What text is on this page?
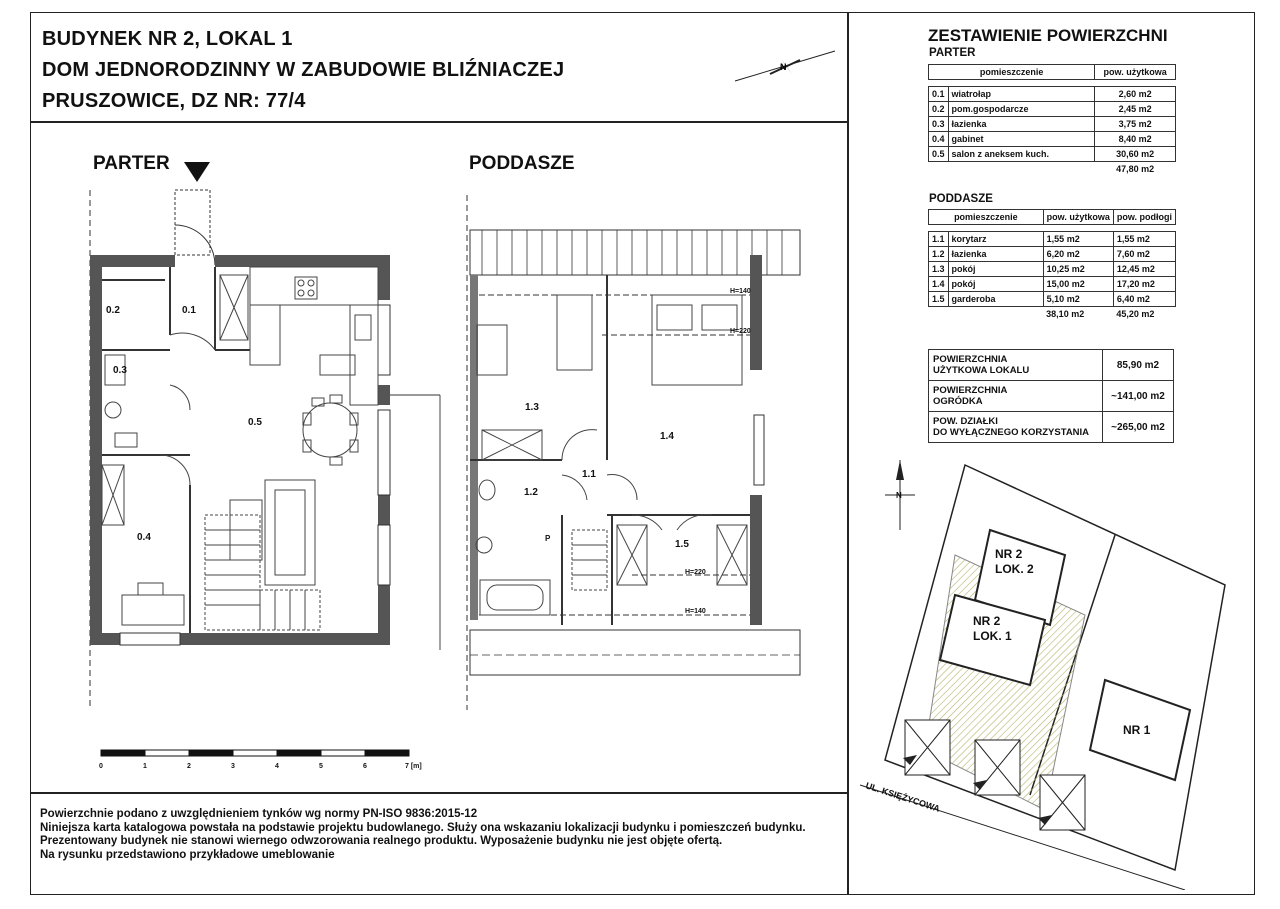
BUDYNEK NR 2, LOKAL 1
DOM JEDNORODZINNY W ZABUDOWIE BLIŹNIACZEJ
PRUSZOWICE, DZ NR: 77/4
N
PARTER	PODDASZE
0.2	0.1
0.3
0.5
0.4
1.3
1.4
1.1
1.2
1.5
P
H=140
H=220
H=220
H=140
0	1	2	3	4	5	6	7 [m]
Powierzchnie podano z uwzględnieniem tynków wg normy PN-ISO 9836:2015-12
Niniejsza karta katalogowa powstała na podstawie projektu budowlanego. Służy ona wskazaniu lokalizacji budynku i pomieszczeń budynku.
Prezentowany budynek nie stanowi wiernego odwzorowania realnego produktu. Wyposażenie budynku nie jest objęte ofertą.
Na rysunku przedstawiono przykładowe umeblowanie
ZESTAWIENIE POWIERZCHNI
PARTER
pomieszczenie		pow. użytkowa

0.1	wiatrołap	2,60 m2
0.2	pom.gospodarcze	2,45 m2
0.3	łazienka	3,75 m2
0.4	gabinet	8,40 m2
0.5	salon z aneksem kuch.	30,60 m2
		47,80 m2
PODDASZE
pomieszczenie		pow. użytkowa	pow. podłogi

1.1	korytarz	1,55 m2	1,55 m2
1.2	łazienka	6,20 m2	7,60 m2
1.3	pokój	10,25 m2	12,45 m2
1.4	pokój	15,00 m2	17,20 m2
1.5	garderoba	5,10 m2	6,40 m2
		38,10 m2	45,20 m2
POWIERZCHNIA
UŻYTKOWA LOKALU	85,90 m2

POWIERZCHNIA
OGRÓDKA	~141,00 m2

POW. DZIAŁKI
DO WYŁĄCZNEGO KORZYSTANIA	~265,00 m2
N
NR 2
LOK. 2
NR 2
LOK. 1
NR 1
UL. KSIĘŻYCOWA
